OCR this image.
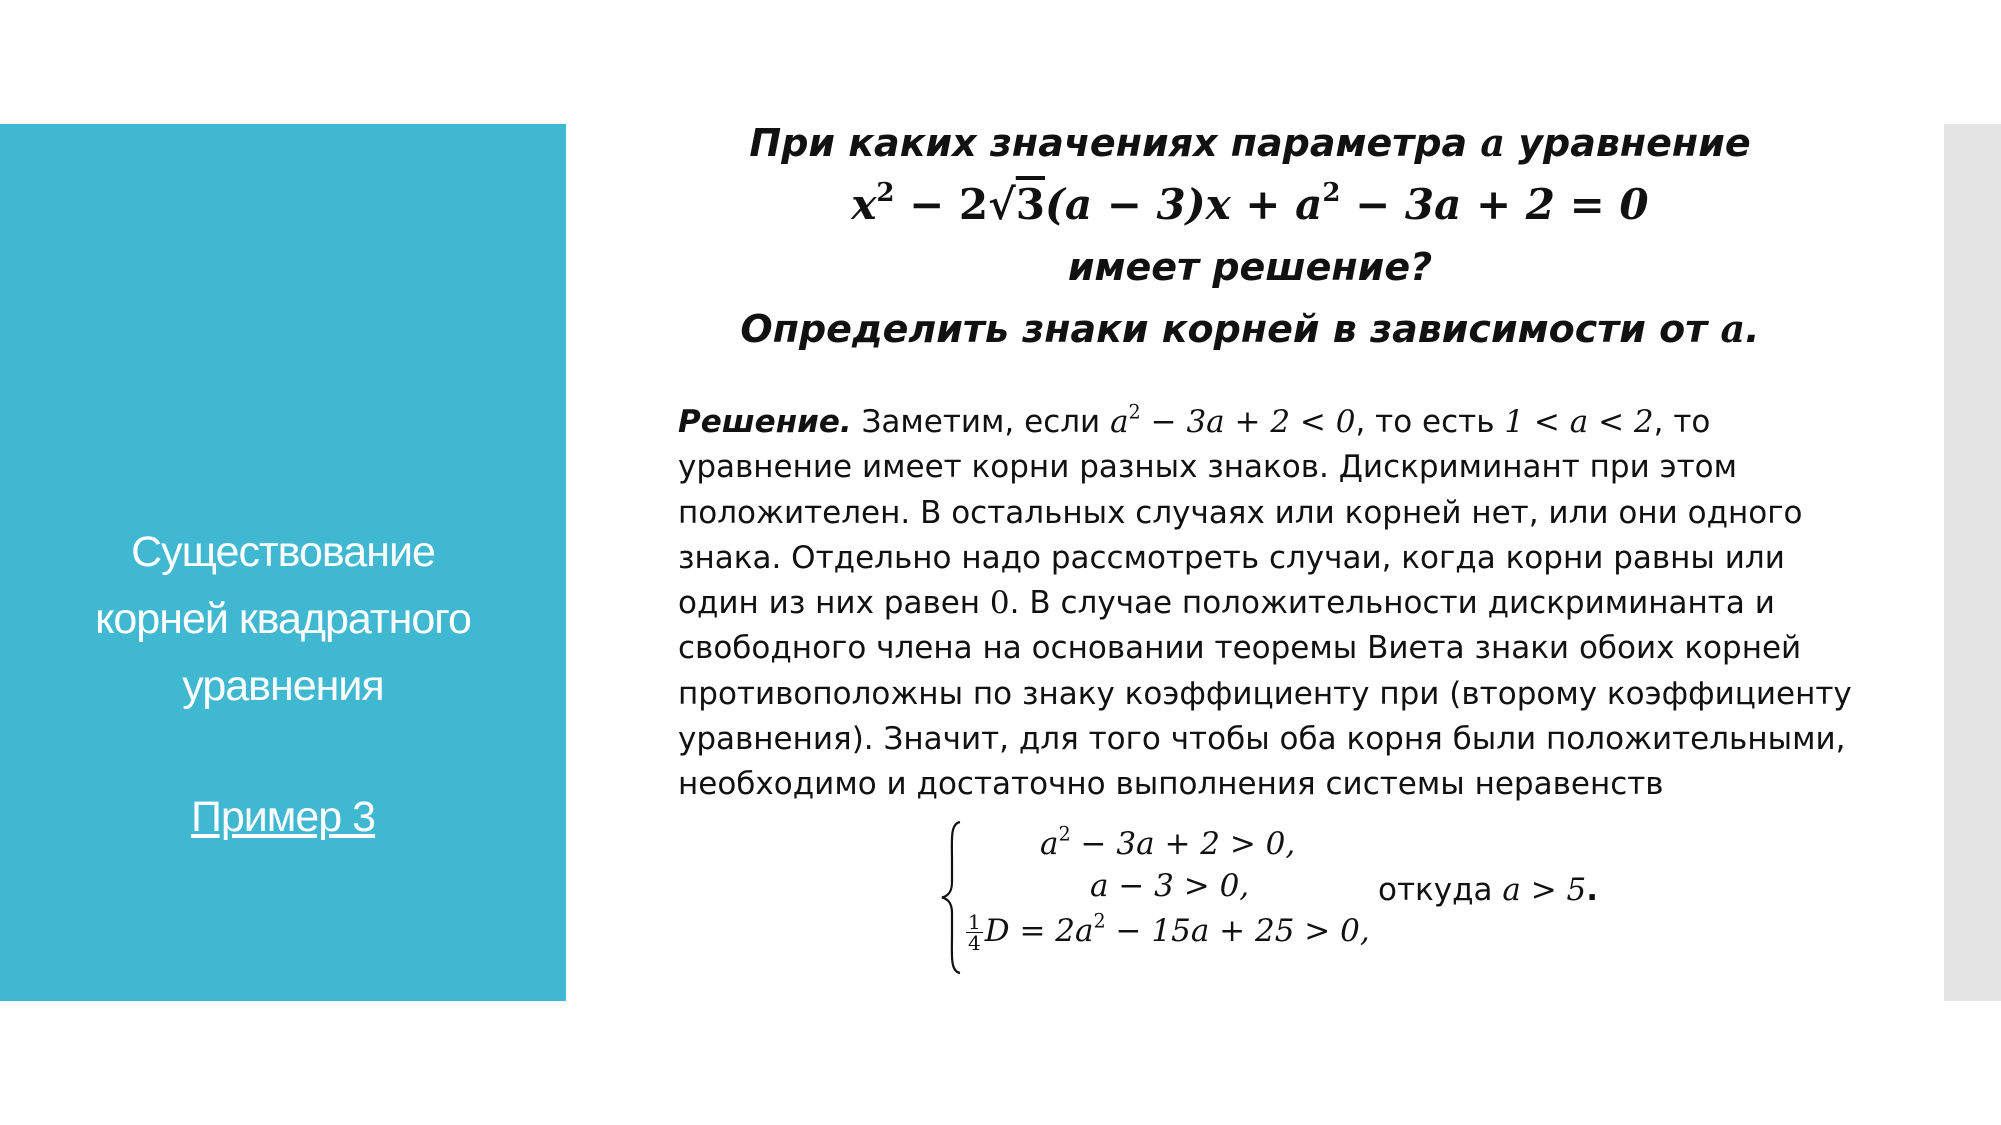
Существование
корней квадратного
уравнения
Пример 3
При каких значениях параметра a уравнение
$x^2 - 2√3(a - 3)x + a^2 - 3a + 2 = 0$
имеет решение?
Определить знаки корней в зависимости от a.
Решение. Заметим, если $a^2 - 3a + 2 < 0$, то есть 1 < a < 2, то уравнение имеет корни разных знаков. Дискриминант при этом положителен. В остальных случаях или корней нет, или они одного знака. Отдельно надо рассмотреть случаи, когда корни равны или один из них равен 0. В случае положительности дискриминанта и свободного члена на основании теоремы Виета знаки обоих корней противоположны по знаку коэффициенту при (второму коэффициенту уравнения). Значит, для того чтобы оба корня были положительными, необходимо и достаточно выполнения системы неравенств
$a^2 - 3a + 2 > 0$,
a − 3 > 0,
$\frac{1}{4}$ $D = 2a^2 - 15a + 25 > 0$,
откуда a > 5.
